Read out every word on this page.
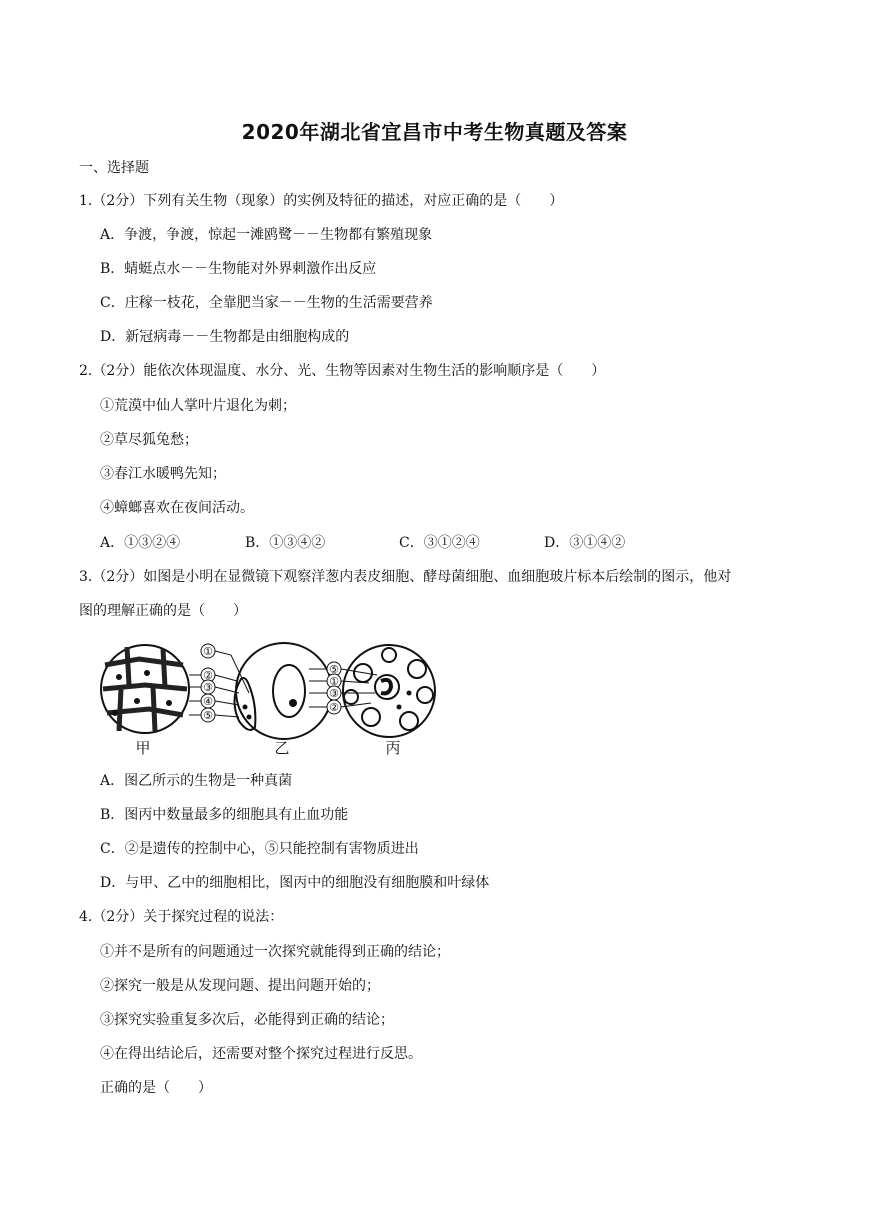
2020年湖北省宜昌市中考生物真题及答案
一、选择题
1.（2分）下列有关生物（现象）的实例及特征的描述，对应正确的是（　　）
A．争渡，争渡，惊起一滩鸥鹭－－生物都有繁殖现象
B．蜻蜓点水－－生物能对外界刺激作出反应
C．庄稼一枝花，全靠肥当家－－生物的生活需要营养
D．新冠病毒－－生物都是由细胞构成的
2.（2分）能依次体现温度、水分、光、生物等因素对生物生活的影响顺序是（　　）
①荒漠中仙人掌叶片退化为刺；
②草尽狐兔愁；
③春江水暖鸭先知；
④蟑螂喜欢在夜间活动。
A．①③②④	B．①③④②	C．③①②④	D．③①④②
3.（2分）如图是小明在显微镜下观察洋葱内表皮细胞、酵母菌细胞、血细胞玻片标本后绘制的图示，他对
图的理解正确的是（　　）
①
②
③
④
⑤
⑤
①
③
②
甲	乙	丙
A．图乙所示的生物是一种真菌
B．图丙中数量最多的细胞具有止血功能
C．②是遗传的控制中心，⑤只能控制有害物质进出
D．与甲、乙中的细胞相比，图丙中的细胞没有细胞膜和叶绿体
4.（2分）关于探究过程的说法：
①并不是所有的问题通过一次探究就能得到正确的结论；
②探究一般是从发现问题、提出问题开始的；
③探究实验重复多次后，必能得到正确的结论；
④在得出结论后，还需要对整个探究过程进行反思。
正确的是（　　）
